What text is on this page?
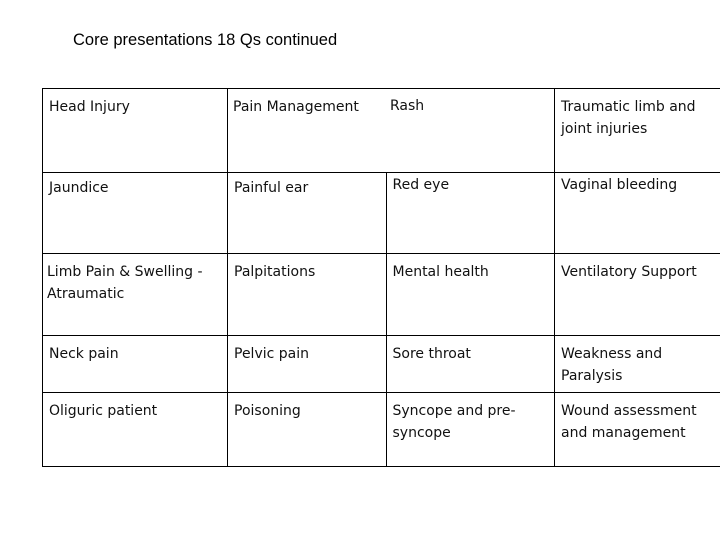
Core presentations 18 Qs continued
Head Injury	Pain Management	Rash	Traumatic limb and joint injuries
Jaundice	Painful ear	Red eye	Vaginal bleeding
Limb Pain & Swelling - Atraumatic	Palpitations	Mental health	Ventilatory Support
Neck pain	Pelvic pain	Sore throat	Weakness and Paralysis
Oliguric patient	Poisoning	Syncope and pre-syncope	Wound assessment and management
